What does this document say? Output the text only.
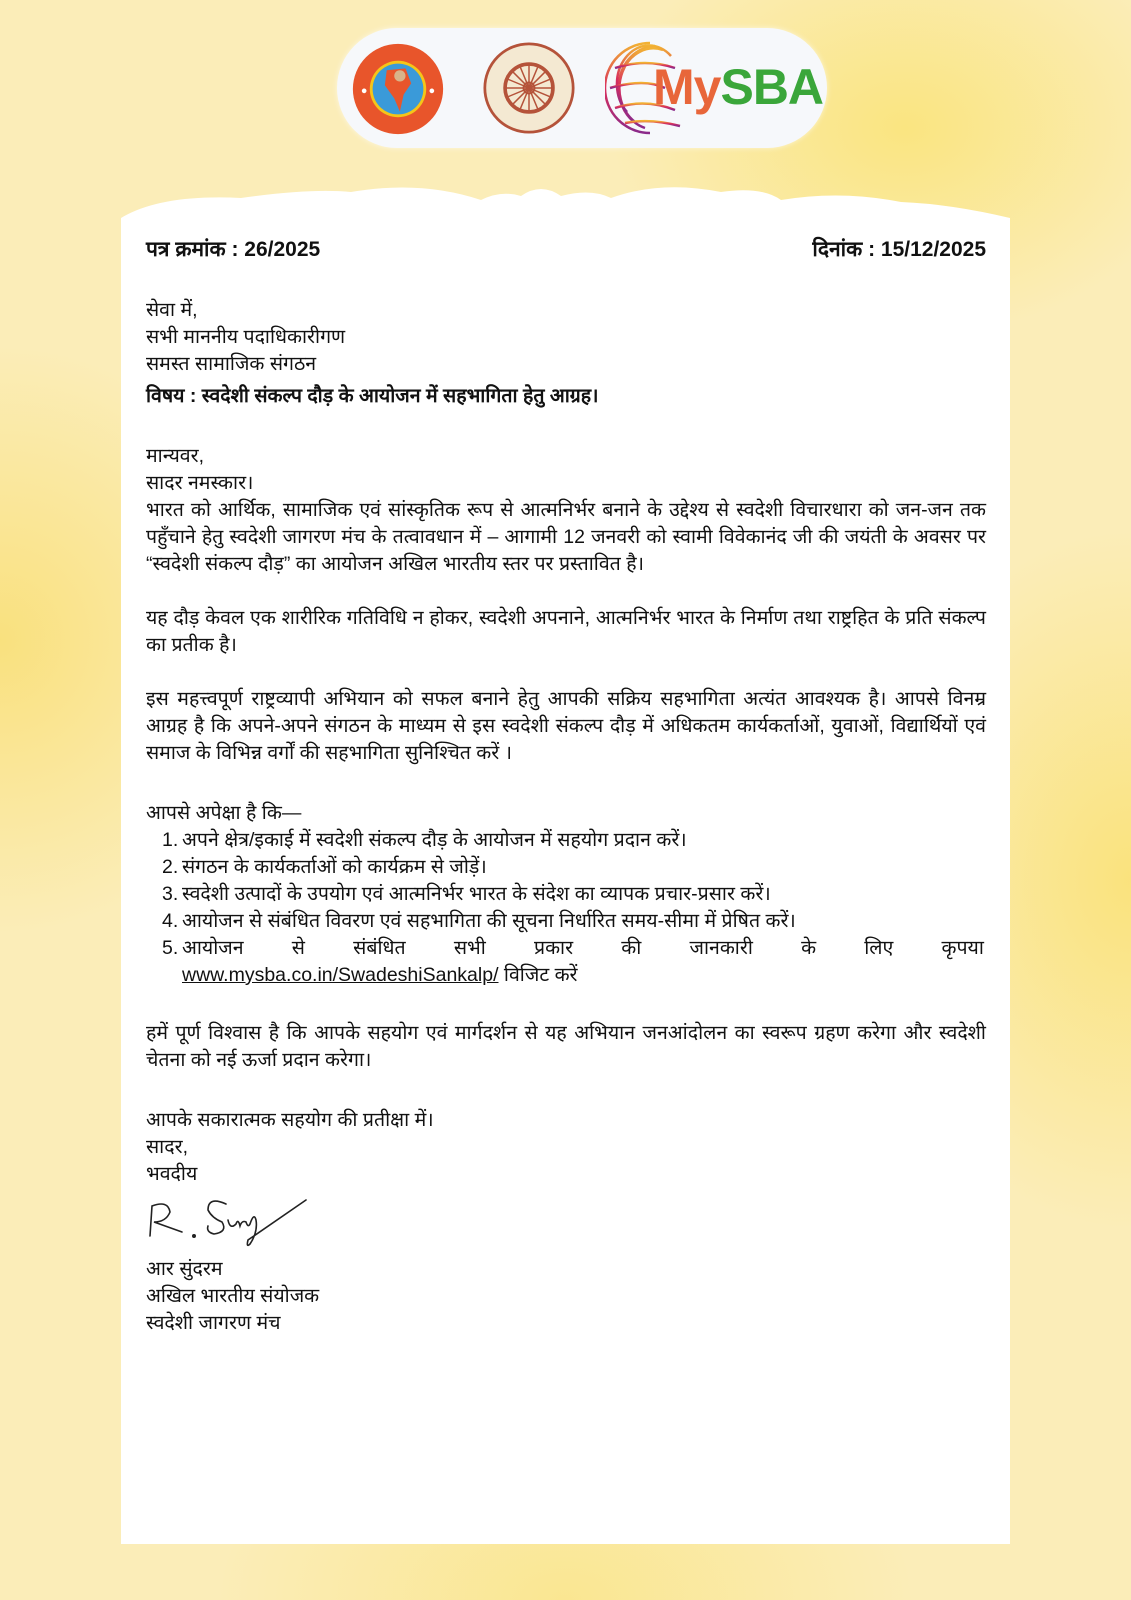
MySBA
पत्र क्रमांक : 26/2025	दिनांक : 15/12/2025
सेवा में,
सभी माननीय पदाधिकारीगण
समस्त सामाजिक संगठन
विषय : स्वदेशी संकल्प दौड़ के आयोजन में सहभागिता हेतु आग्रह।
मान्यवर,
सादर नमस्कार।

भारत को आर्थिक, सामाजिक एवं सांस्कृतिक रूप से आत्मनिर्भर बनाने के उद्देश्य से स्वदेशी विचारधारा को जन-जन तक पहुँचाने हेतु स्वदेशी जागरण मंच के तत्वावधान में – आगामी 12 जनवरी को स्वामी विवेकानंद जी की जयंती के अवसर पर “स्वदेशी संकल्प दौड़” का आयोजन अखिल भारतीय स्तर पर प्रस्तावित है।

यह दौड़ केवल एक शारीरिक गतिविधि न होकर, स्वदेशी अपनाने, आत्मनिर्भर भारत के निर्माण तथा राष्ट्रहित के प्रति संकल्प का प्रतीक है।

इस महत्त्वपूर्ण राष्ट्रव्यापी अभियान को सफल बनाने हेतु आपकी सक्रिय सहभागिता अत्यंत आवश्यक है। आपसे विनम्र आग्रह है कि अपने-अपने संगठन के माध्यम से इस स्वदेशी संकल्प दौड़ में अधिकतम कार्यकर्ताओं, युवाओं, विद्यार्थियों एवं समाज के विभिन्न वर्गों की सहभागिता सुनिश्चित करें ।

आपसे अपेक्षा है कि—
1. अपने क्षेत्र/इकाई में स्वदेशी संकल्प दौड़ के आयोजन में सहयोग प्रदान करें।
2. संगठन के कार्यकर्ताओं को कार्यक्रम से जोड़ें।
3. स्वदेशी उत्पादों के उपयोग एवं आत्मनिर्भर भारत के संदेश का व्यापक प्रचार-प्रसार करें।
4. आयोजन से संबंधित विवरण एवं सहभागिता की सूचना निर्धारित समय-सीमा में प्रेषित करें।
5. आयोजन से संबंधित सभी प्रकार की जानकारी के लिए कृपया
www.mysba.co.in/SwadeshiSankalp/ विजिट करें

हमें पूर्ण विश्वास है कि आपके सहयोग एवं मार्गदर्शन से यह अभियान जनआंदोलन का स्वरूप ग्रहण करेगा और स्वदेशी चेतना को नई ऊर्जा प्रदान करेगा।

आपके सकारात्मक सहयोग की प्रतीक्षा में।
सादर,
भवदीय
आर सुंदरम
अखिल भारतीय संयोजक
स्वदेशी जागरण मंच
